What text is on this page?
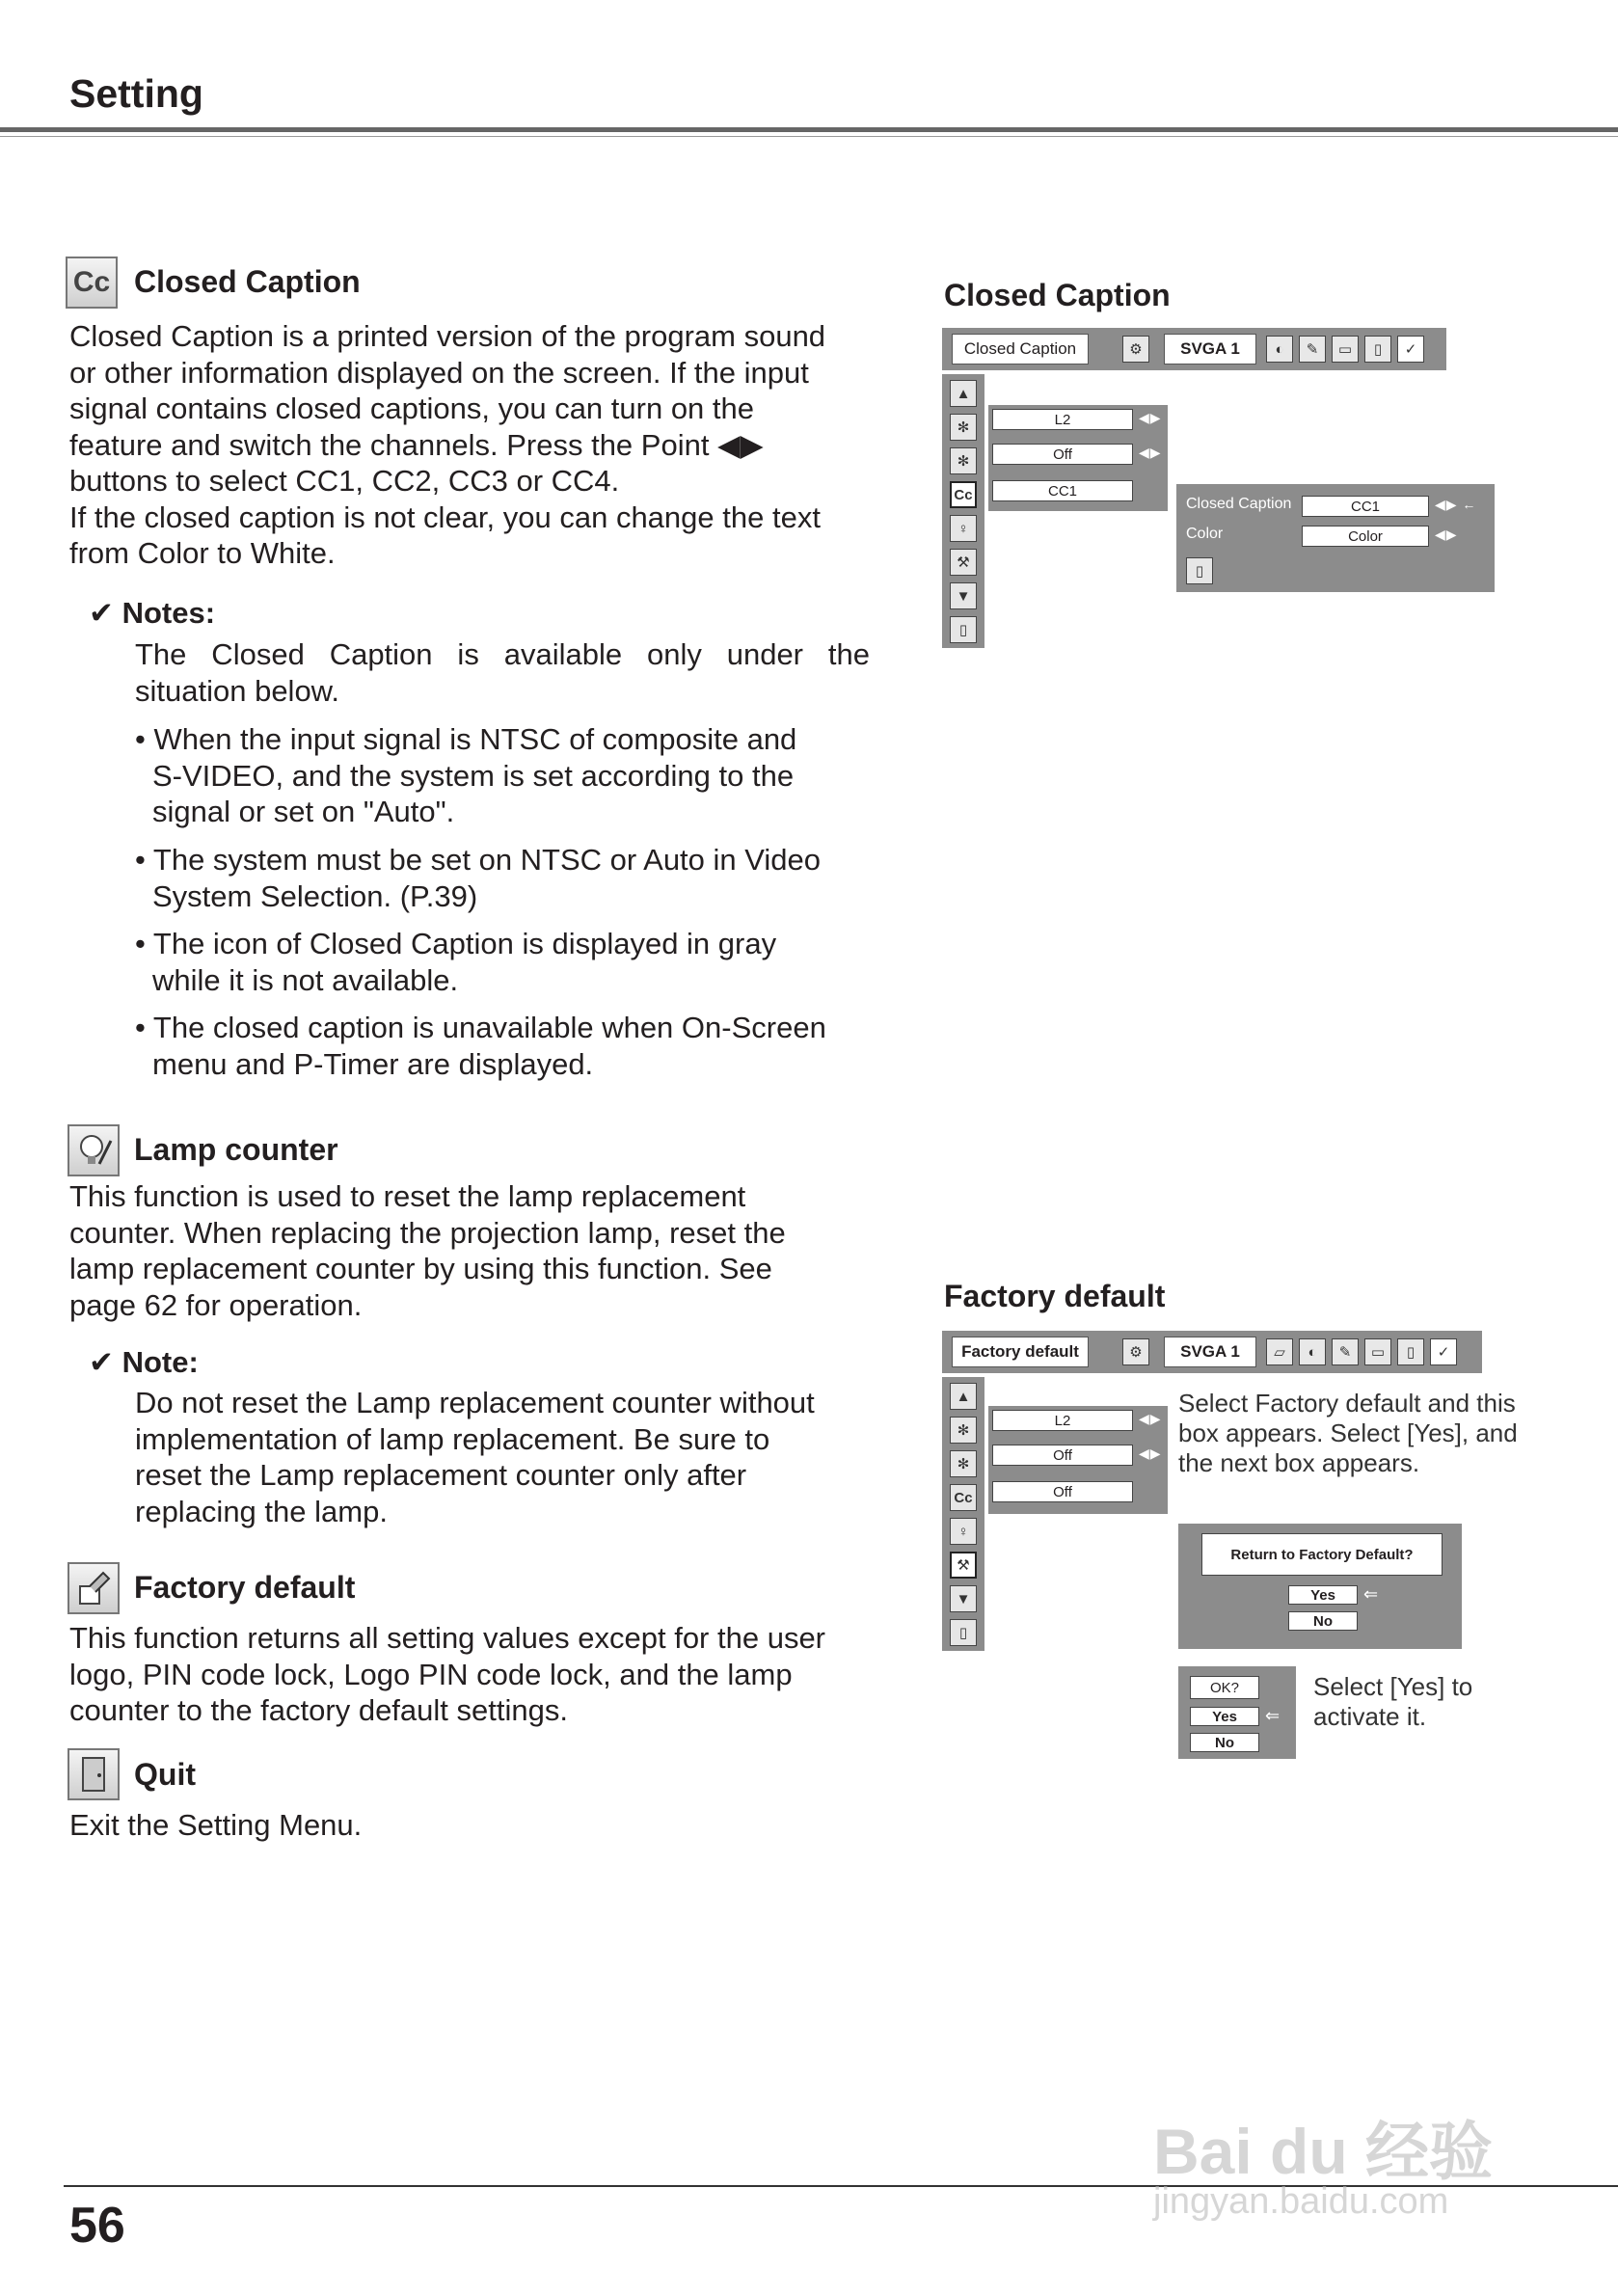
Setting
Cc Closed Caption
Closed Caption is a printed version of the program sound
or other information displayed on the screen. If the input
signal contains closed captions, you can turn on the
feature and switch the channels. Press the Point ◀▶
buttons to select CC1, CC2, CC3 or CC4.
If the closed caption is not clear, you can change the text
from Color to White.
✔ Notes:
The Closed Caption is available only under the situation below.
• When the input signal is NTSC of composite and
S-VIDEO, and the system is set according to the
signal or set on "Auto".
• The system must be set on NTSC or Auto in Video
System Selection. (P.39)
• The icon of Closed Caption is displayed in gray
while it is not available.
• The closed caption is unavailable when On-Screen
menu and P-Timer are displayed.
Lamp counter
This function is used to reset the lamp replacement
counter. When replacing the projection lamp, reset the
lamp replacement counter by using this function. See
page 62 for operation.
✔ Note:
Do not reset the Lamp replacement counter without
implementation of lamp replacement. Be sure to
reset the Lamp replacement counter only after
replacing the lamp.
Factory default
This function returns all setting values except for the user
logo, PIN code lock, Logo PIN code lock, and the lamp
counter to the factory default settings.
Quit
Exit the Setting Menu.
Closed Caption
Closed Caption	⚙	SVGA 1	◐	✎	▭	▯	✓
▲
✻
✻
Cc
♀
⚒
▼
▯
L2	◀▶
Off	◀▶
CC1
Closed Caption	CC1	◀▶ ←
Color	Color	◀▶
▯
Factory default
Factory default	⚙	SVGA 1	▱	◐	✎	▭	▯	✓
▲
✻
✻
Cc
♀
⚒
▼
▯
L2	◀▶
Off	◀▶
Off
Select Factory default and this
box appears. Select [Yes], and
the next box appears.
Return to Factory Default?
Yes	⇐
No
OK?
Yes	⇐
No
Select [Yes] to
activate it.
56
Bai du 经验
jingyan.baidu.com
